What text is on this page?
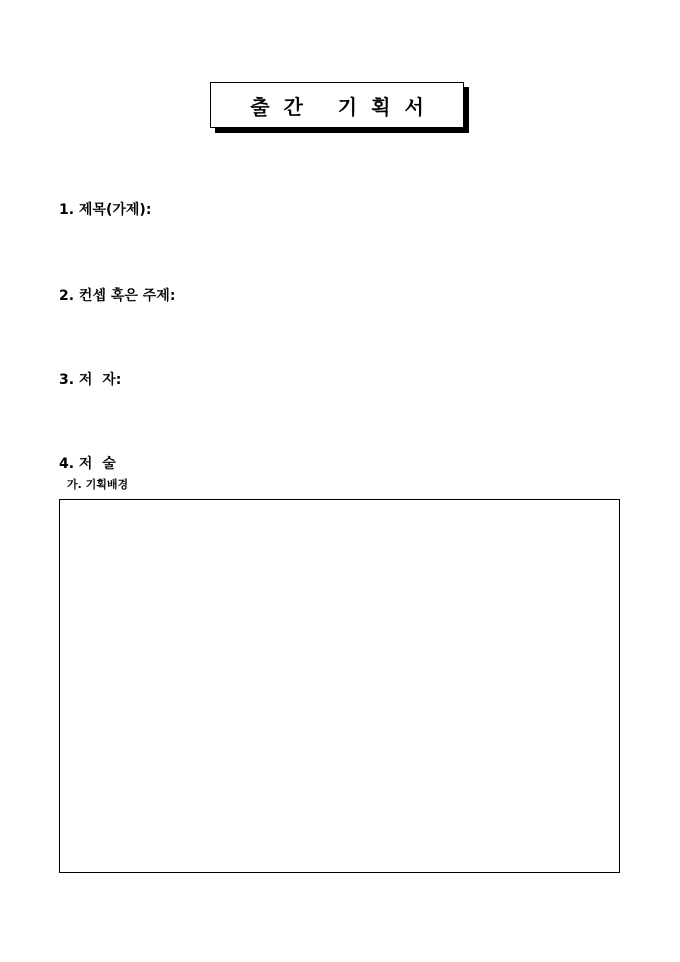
출간 기획서
1. 제목(가제):
2. 컨셉 혹은 주제:
3. 저  자:
4. 저  술
가. 기획배경
